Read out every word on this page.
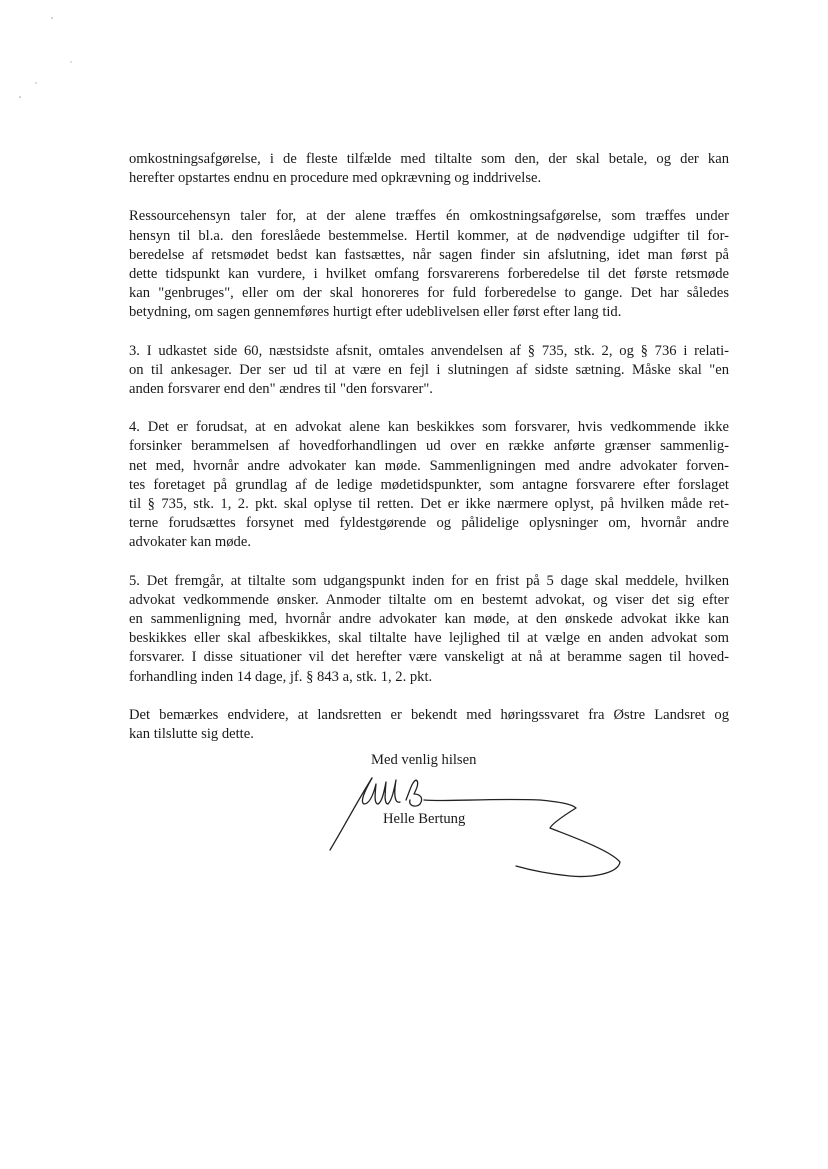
omkostningsafgørelse, i de fleste tilfælde med tiltalte som den, der skal betale, og der kan
herefter opstartes endnu en procedure med opkrævning og inddrivelse.

Ressourcehensyn taler for, at der alene træffes én omkostningsafgørelse, som træffes under
hensyn til bl.a. den foreslåede bestemmelse. Hertil kommer, at de nødvendige udgifter til for-
beredelse af retsmødet bedst kan fastsættes, når sagen finder sin afslutning, idet man først på
dette tidspunkt kan vurdere, i hvilket omfang forsvarerens forberedelse til det første retsmøde
kan "genbruges", eller om der skal honoreres for fuld forberedelse to gange. Det har således
betydning, om sagen gennemføres hurtigt efter udeblivelsen eller først efter lang tid.

3. I udkastet side 60, næstsidste afsnit, omtales anvendelsen af § 735, stk. 2, og § 736 i relati-
on til ankesager. Der ser ud til at være en fejl i slutningen af sidste sætning. Måske skal "en
anden forsvarer end den" ændres til "den forsvarer".

4. Det er forudsat, at en advokat alene kan beskikkes som forsvarer, hvis vedkommende ikke
forsinker berammelsen af hovedforhandlingen ud over en række anførte grænser sammenlig-
net med, hvornår andre advokater kan møde. Sammenligningen med andre advokater forven-
tes foretaget på grundlag af de ledige mødetidspunkter, som antagne forsvarere efter forslaget
til § 735, stk. 1, 2. pkt. skal oplyse til retten. Det er ikke nærmere oplyst, på hvilken måde ret-
terne forudsættes forsynet med fyldestgørende og pålidelige oplysninger om, hvornår andre
advokater kan møde.

5. Det fremgår, at tiltalte som udgangspunkt inden for en frist på 5 dage skal meddele, hvilken
advokat vedkommende ønsker. Anmoder tiltalte om en bestemt advokat, og viser det sig efter
en sammenligning med, hvornår andre advokater kan møde, at den ønskede advokat ikke kan
beskikkes eller skal afbeskikkes, skal tiltalte have lejlighed til at vælge en anden advokat som
forsvarer. I disse situationer vil det herefter være vanskeligt at nå at beramme sagen til hoved-
forhandling inden 14 dage, jf. § 843 a, stk. 1, 2. pkt.

Det bemærkes endvidere, at landsretten er bekendt med høringssvaret fra Østre Landsret og
kan tilslutte sig dette.

Med venlig hilsen
Helle Bertung
